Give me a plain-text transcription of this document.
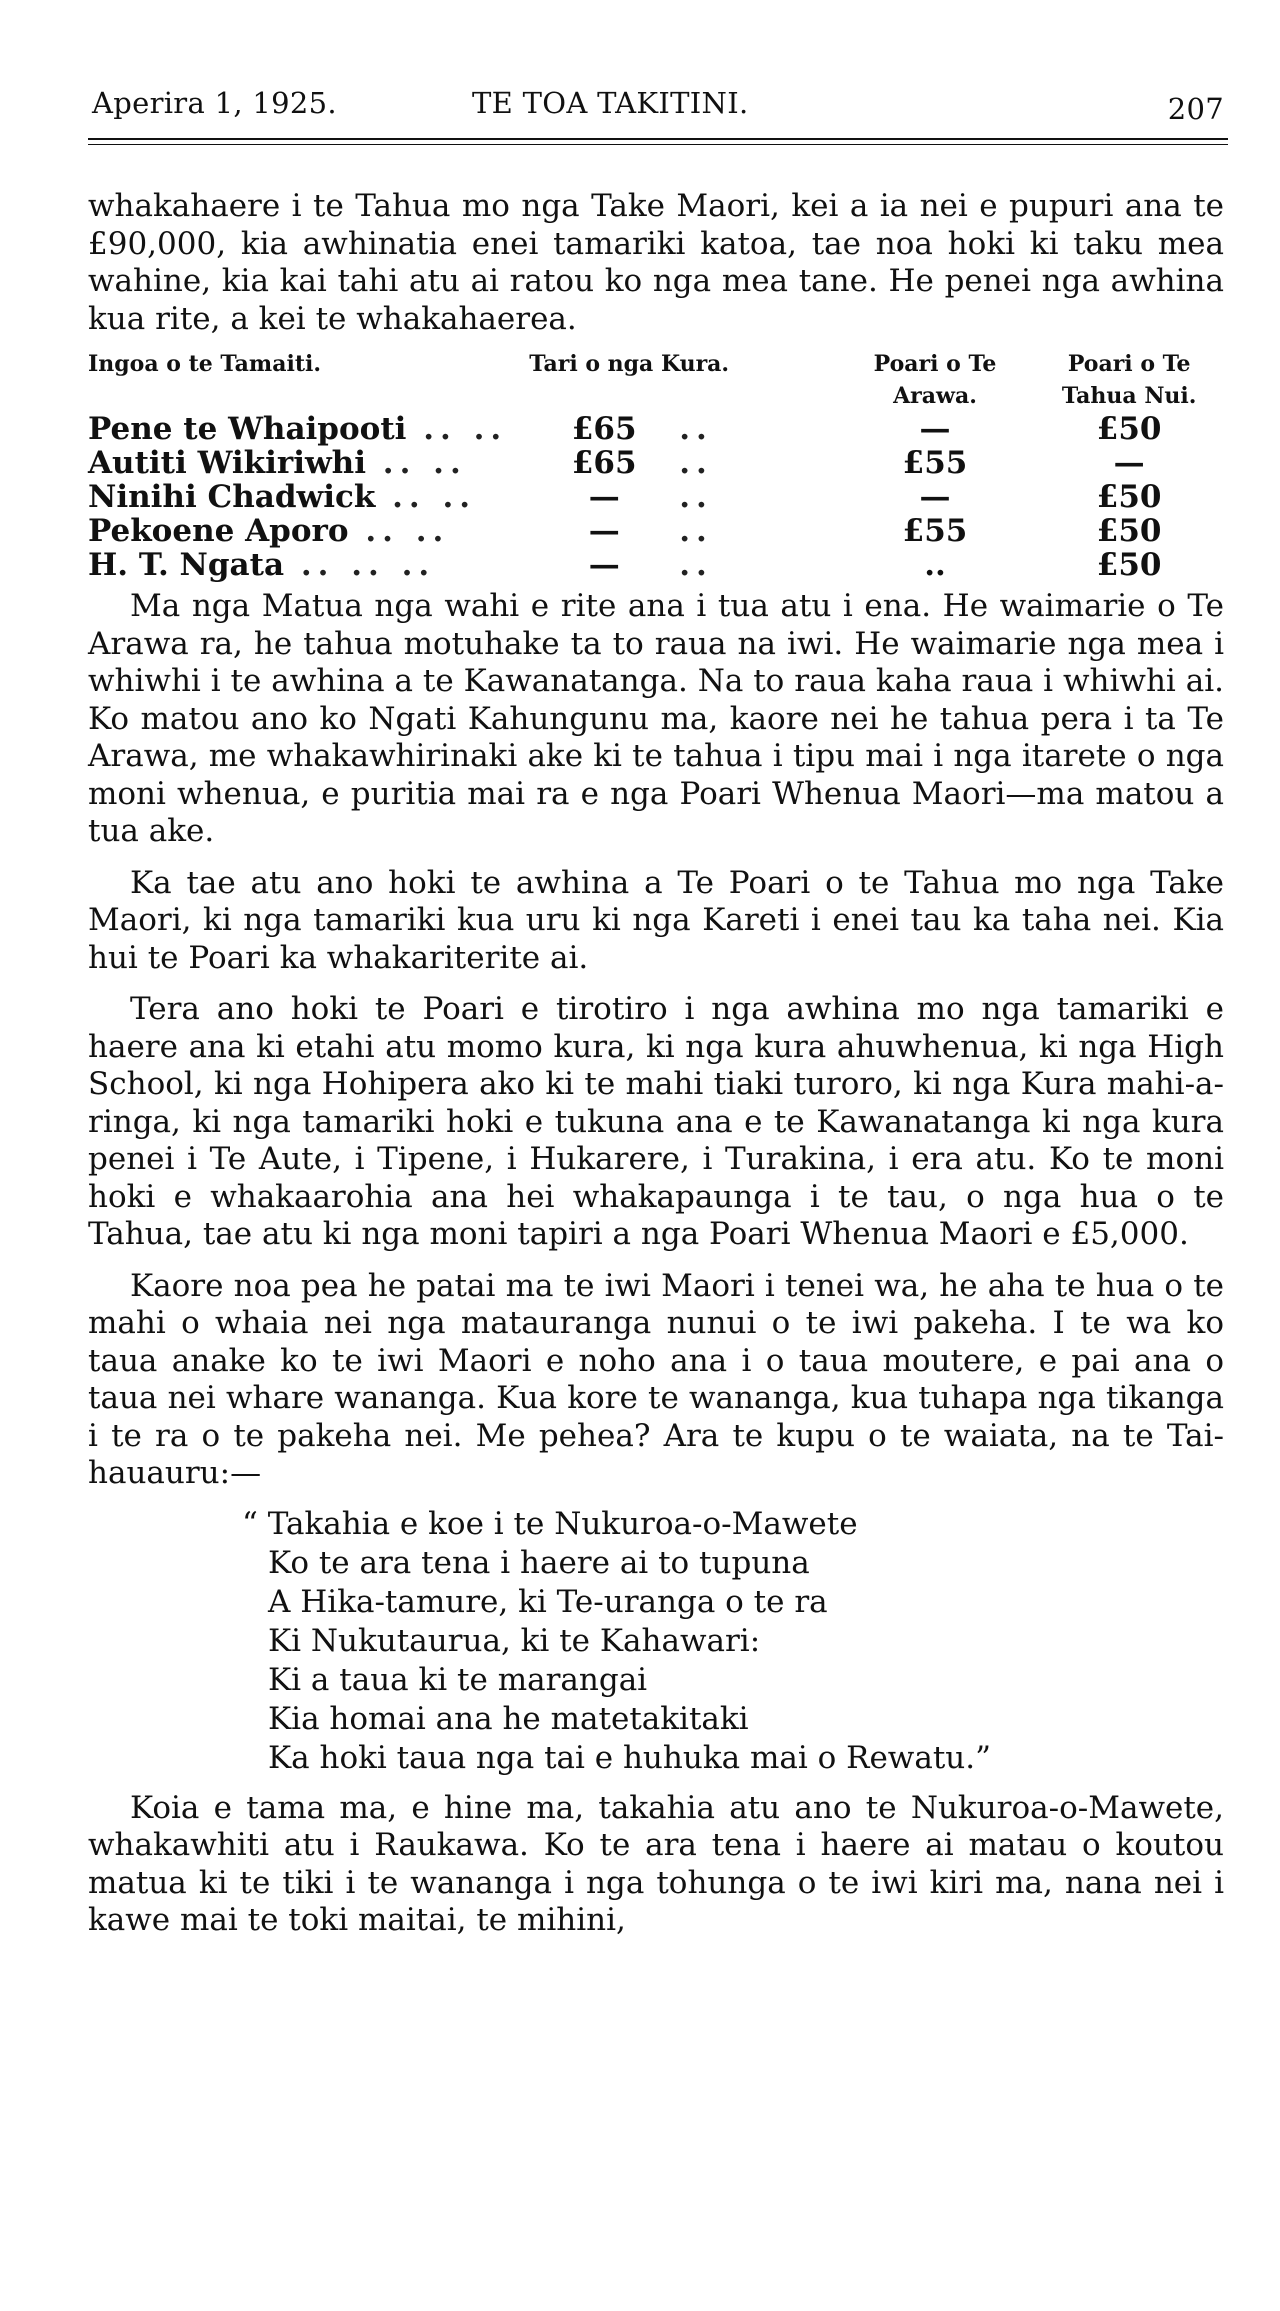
Aperira 1, 1925.	TE TOA TAKITINI.	207

whakahaere i te Tahua mo nga Take Maori, kei a ia nei e pupuri ana te £90,000, kia awhinatia enei tamariki katoa, tae noa hoki ki taku mea wahine, kia kai tahi atu ai ratou ko nga mea tane. He penei nga awhina kua rite, a kei te whakahaerea.

Ingoa o te Tamaiti.	Tari o nga Kura.	Poari o Te Arawa.	Poari o Te Tahua Nui.
Pene te Whaipooti .. ..	£65 ..	—	£50
Autiti Wikiriwhi .. ..	£65 ..	£55	—
Ninihi Chadwick .. ..	— ..	—	£50
Pekoene Aporo .. ..	— ..	£55	£50
H. T. Ngata .. .. ..	— ..	..	£50

Ma nga Matua nga wahi e rite ana i tua atu i ena. He waimarie o Te Arawa ra, he tahua motuhake ta to raua na iwi. He waimarie nga mea i whiwhi i te awhina a te Kawanatanga. Na to raua kaha raua i whiwhi ai. Ko matou ano ko Ngati Kahungunu ma, kaore nei he tahua pera i ta Te Arawa, me whakawhirinaki ake ki te tahua i tipu mai i nga itarete o nga moni whenua, e puritia mai ra e nga Poari Whenua Maori—ma matou a tua ake.

Ka tae atu ano hoki te awhina a Te Poari o te Tahua mo nga Take Maori, ki nga tamariki kua uru ki nga Kareti i enei tau ka taha nei. Kia hui te Poari ka whakariterite ai.

Tera ano hoki te Poari e tirotiro i nga awhina mo nga tamariki e haere ana ki etahi atu momo kura, ki nga kura ahuwhenua, ki nga High School, ki nga Hohipera ako ki te mahi tiaki turoro, ki nga Kura mahi-a-ringa, ki nga tamariki hoki e tukuna ana e te Kawanatanga ki nga kura penei i Te Aute, i Tipene, i Hukarere, i Turakina, i era atu. Ko te moni hoki e whakaarohia ana hei whakapaunga i te tau, o nga hua o te Tahua, tae atu ki nga moni tapiri a nga Poari Whenua Maori e £5,000.

Kaore noa pea he patai ma te iwi Maori i tenei wa, he aha te hua o te mahi o whaia nei nga matauranga nunui o te iwi pakeha. I te wa ko taua anake ko te iwi Maori e noho ana i o taua moutere, e pai ana o taua nei whare wananga. Kua kore te wananga, kua tuhapa nga tikanga i te ra o te pakeha nei. Me pehea? Ara te kupu o te waiata, na te Tai-hauauru:—

“ Takahia e koe i te Nukuroa-o-Mawete

Ko te ara tena i haere ai to tupuna

A Hika-tamure, ki Te-uranga o te ra

Ki Nukutaurua, ki te Kahawari:

Ki a taua ki te marangai

Kia homai ana he matetakitaki

Ka hoki taua nga tai e huhuka mai o Rewatu.”

Koia e tama ma, e hine ma, takahia atu ano te Nukuroa-o-Mawete, whakawhiti atu i Raukawa. Ko te ara tena i haere ai matau o koutou matua ki te tiki i te wananga i nga tohunga o te iwi kiri ma, nana nei i kawe mai te toki maitai, te mihini,
